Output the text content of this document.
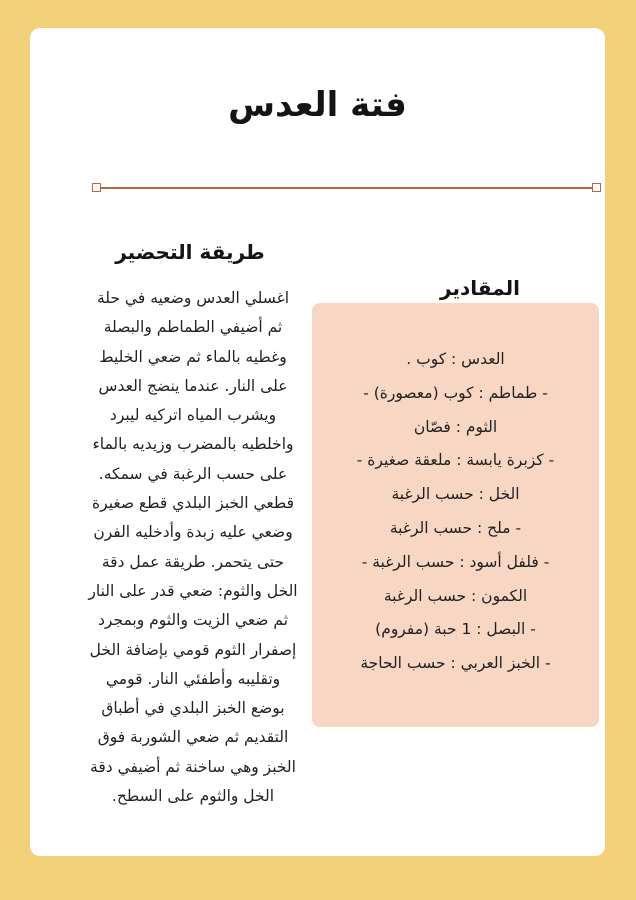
فتة العدس
طريقة التحضير
اغسلي العدس وضعيه في حلة
ثم أضيفي الطماطم والبصلة
وغطيه بالماء ثم ضعي الخليط
على النار. عندما ينضج العدس
ويشرب المياه اتركيه ليبرد
واخلطيه بالمضرب وزيديه بالماء
على حسب الرغبة في سمكه.
قطعي الخبز البلدي قطع صغيرة
وضعي عليه زبدة وأدخليه الفرن
حتى يتحمر. طريقة عمل دقة
الخل والثوم: ضعي قدر على النار
ثم ضعي الزيت والثوم وبمجرد
إصفرار الثوم قومي بإضافة الخل
وتقليبه وأطفئي النار. قومي
بوضع الخبز البلدي في أطباق
التقديم ثم ضعي الشوربة فوق
الخبز وهي ساخنة ثم أضيفي دقة
الخل والثوم على السطح.
المقادير
العدس : كوب .
- طماطم : كوب (معصورة) -
الثوم : فصّان
- كزبرة يابسة : ملعقة صغيرة -
الخل : حسب الرغبة
- ملح : حسب الرغبة
- فلفل أسود : حسب الرغبة -
الكمون : حسب الرغبة
- البصل : 1 حبة (مفروم)
- الخبز العربي : حسب الحاجة
